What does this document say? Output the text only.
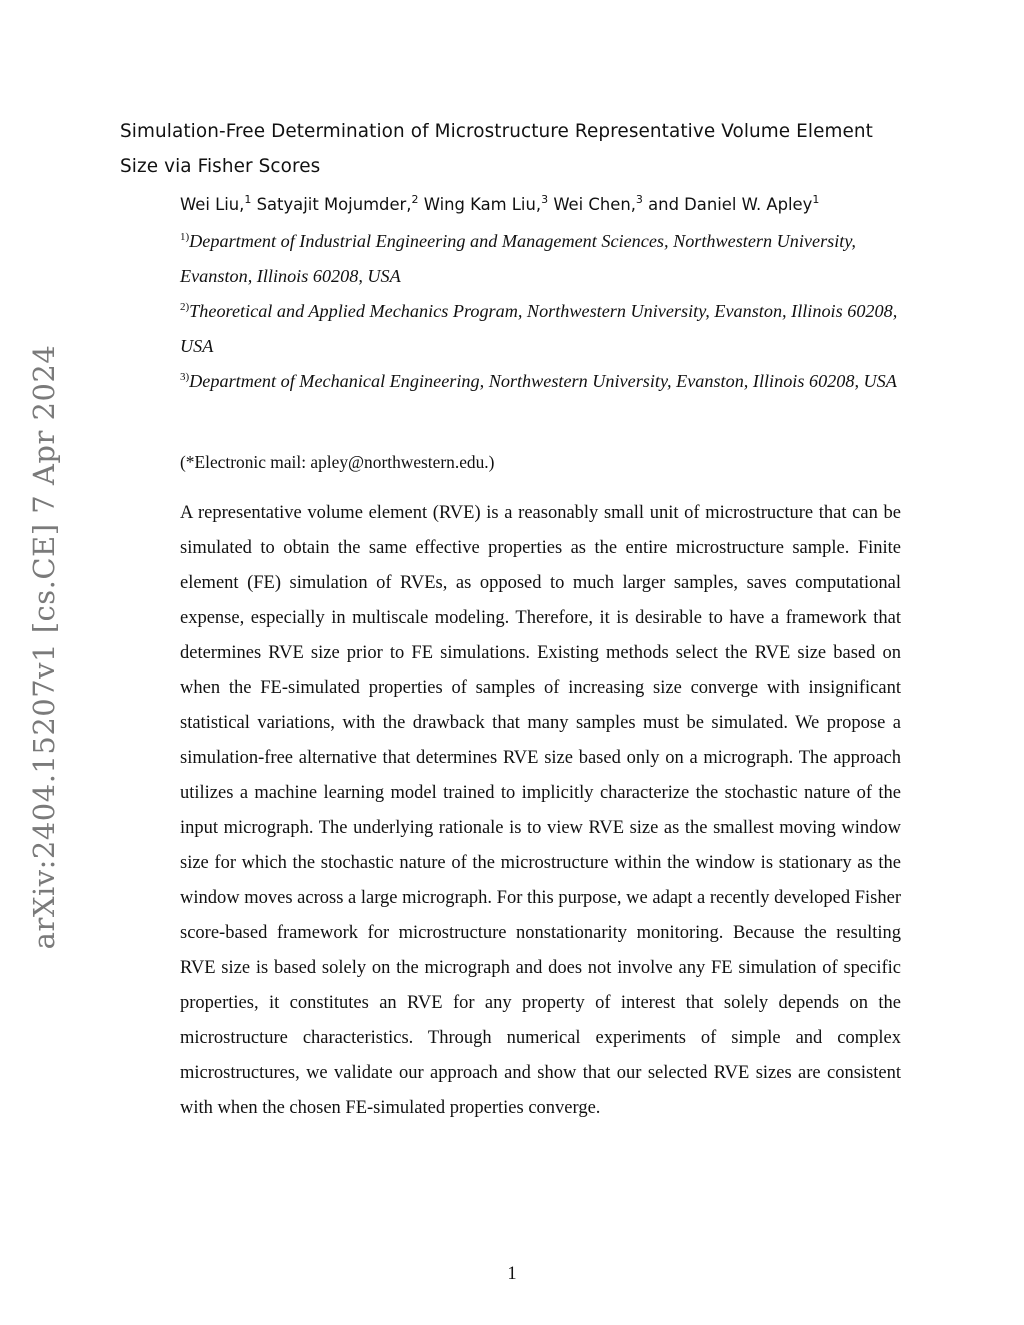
arXiv:2404.15207v1 [cs.CE] 7 Apr 2024
Simulation-Free Determination of Microstructure Representative Volume Element Size via Fisher Scores
Wei Liu,$^1$ Satyajit Mojumder,$^2$ Wing Kam Liu,$^3$ Wei Chen,$^3$ and Daniel W. Apley$^1$
$^{1)}$Department of Industrial Engineering and Management Sciences, Northwestern University, Evanston, Illinois 60208, USA
$^{2)}$Theoretical and Applied Mechanics Program, Northwestern University, Evanston, Illinois 60208, USA
$^{3)}$Department of Mechanical Engineering, Northwestern University, Evanston, Illinois 60208, USA
(*Electronic mail: apley@northwestern.edu.)

A representative volume element (RVE) is a reasonably small unit of microstructure that can be simulated to obtain the same effective properties as the entire microstructure sample. Finite element (FE) simulation of RVEs, as opposed to much larger samples, saves computational expense, especially in multiscale modeling. Therefore, it is desirable to have a framework that determines RVE size prior to FE simulations. Existing methods select the RVE size based on when the FE-simulated properties of samples of increasing size converge with insignificant statistical variations, with the drawback that many samples must be simulated. We propose a simulation-free alternative that determines RVE size based only on a micrograph. The approach utilizes a machine learning model trained to implicitly characterize the stochastic nature of the input micrograph. The underlying rationale is to view RVE size as the smallest moving window size for which the stochastic nature of the microstructure within the window is stationary as the window moves across a large micrograph. For this purpose, we adapt a recently developed Fisher score-based framework for microstructure nonstationarity monitoring. Because the resulting RVE size is based solely on the micrograph and does not involve any FE simulation of specific properties, it constitutes an RVE for any property of interest that solely depends on the microstructure characteristics. Through numerical experiments of simple and complex microstructures, we validate our approach and show that our selected RVE sizes are consistent with when the chosen FE-simulated properties converge.

1
